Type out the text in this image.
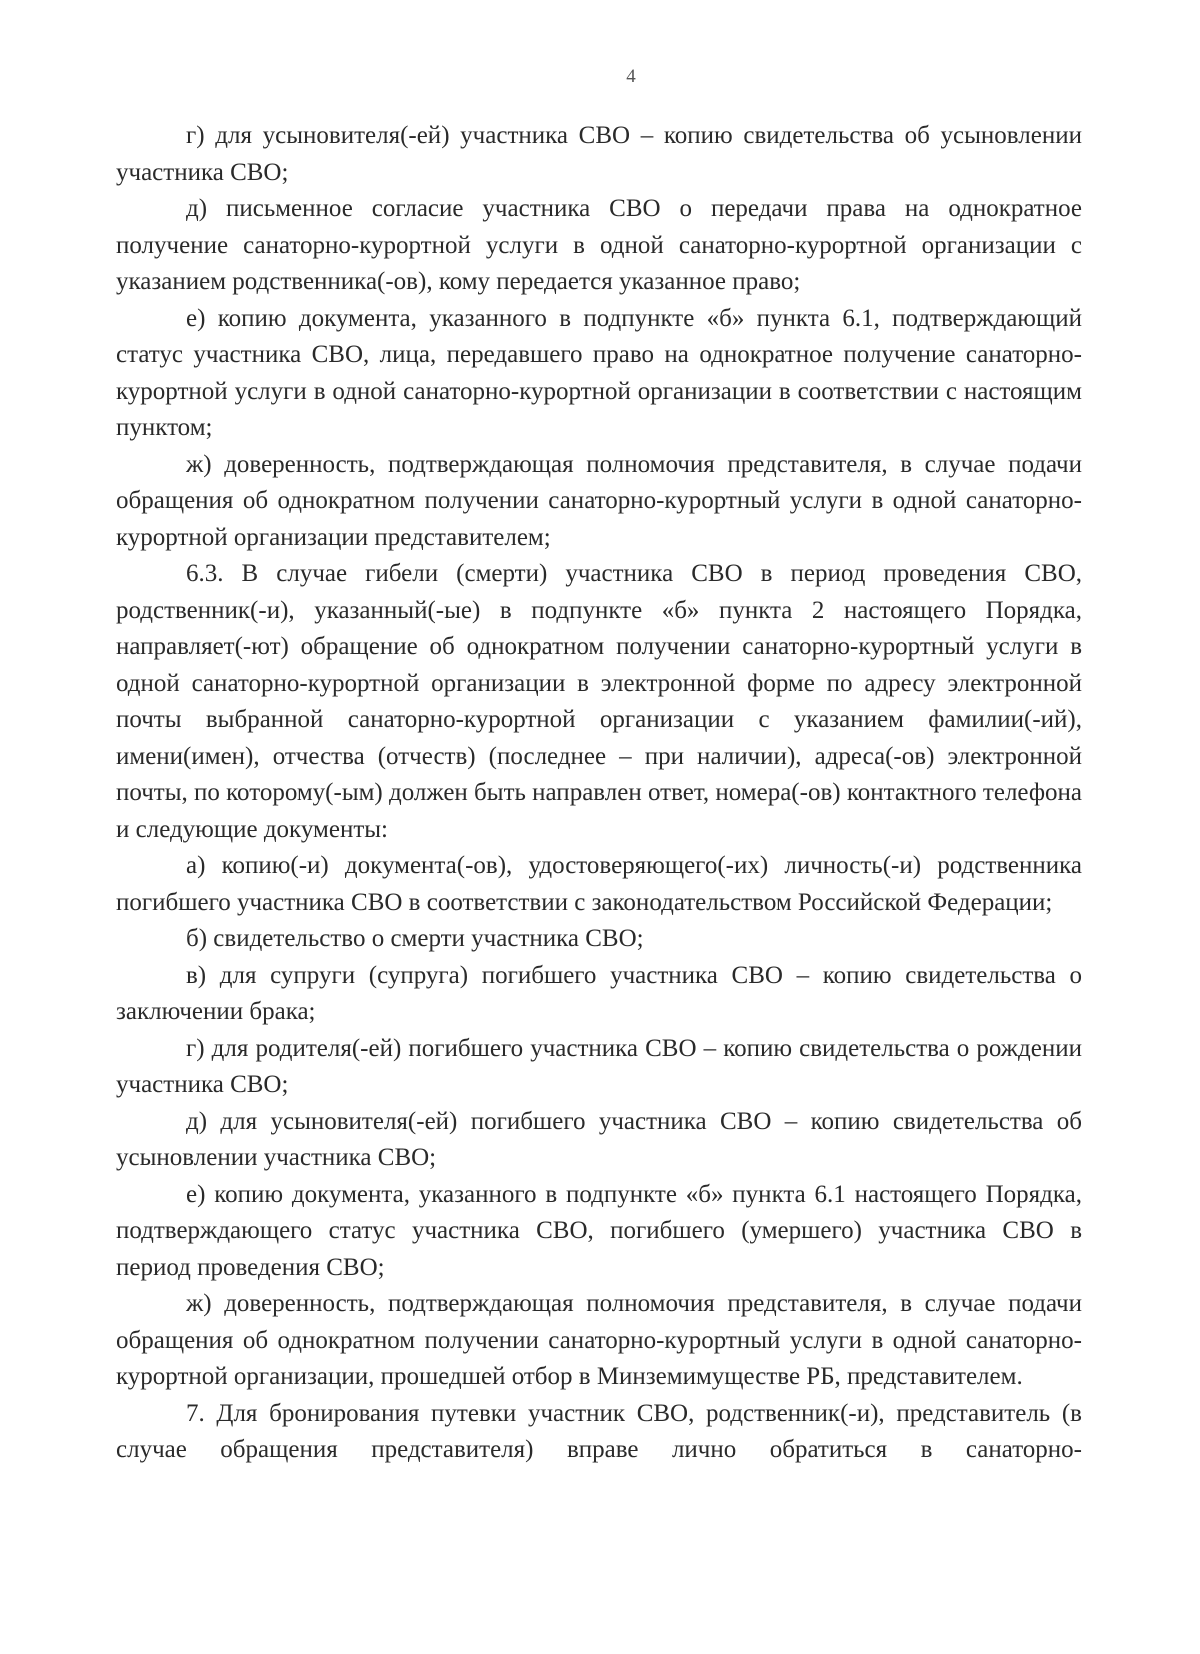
4

г) для усыновителя(-ей) участника СВО – копию свидетельства об усыновлении участника СВО;

д) письменное согласие участника СВО о передачи права на однократное получение санаторно-курортной услуги в одной санаторно-курортной организации с указанием родственника(-ов), кому передается указанное право;

е) копию документа, указанного в подпункте «б» пункта 6.1, подтверждающий статус участника СВО, лица, передавшего право на однократное получение санаторно-курортной услуги в одной санаторно-курортной организации в соответствии с настоящим пунктом;

ж) доверенность, подтверждающая полномочия представителя, в случае подачи обращения об однократном получении санаторно-курортный услуги в одной санаторно-курортной организации представителем;

6.3. В случае гибели (смерти) участника СВО в период проведения СВО, родственник(-и), указанный(-ые) в подпункте «б» пункта 2 настоящего Порядка, направляет(-ют) обращение об однократном получении санаторно-курортный услуги в одной санаторно-курортной организации в электронной форме по адресу электронной почты выбранной санаторно-курортной организации с указанием фамилии(-ий), имени(имен), отчества (отчеств) (последнее – при наличии), адреса(-ов) электронной почты, по которому(-ым) должен быть направлен ответ, номера(-ов) контактного телефона и следующие документы:

а) копию(-и) документа(-ов), удостоверяющего(-их) личность(-и) родственника погибшего участника СВО в соответствии с законодательством Российской Федерации;

б) свидетельство о смерти участника СВО;

в) для супруги (супруга) погибшего участника СВО – копию свидетельства о заключении брака;

г) для родителя(-ей) погибшего участника СВО – копию свидетельства о рождении участника СВО;

д) для усыновителя(-ей) погибшего участника СВО – копию свидетельства об усыновлении участника СВО;

е) копию документа, указанного в подпункте «б» пункта 6.1 настоящего Порядка, подтверждающего статус участника СВО, погибшего (умершего) участника СВО в период проведения СВО;

ж) доверенность, подтверждающая полномочия представителя, в случае подачи обращения об однократном получении санаторно-курортный услуги в одной санаторно-курортной организации, прошедшей отбор в Минземимуществе РБ, представителем.

7. Для бронирования путевки участник СВО, родственник(-и), представитель (в случае обращения представителя) вправе лично обратиться в санаторно-
